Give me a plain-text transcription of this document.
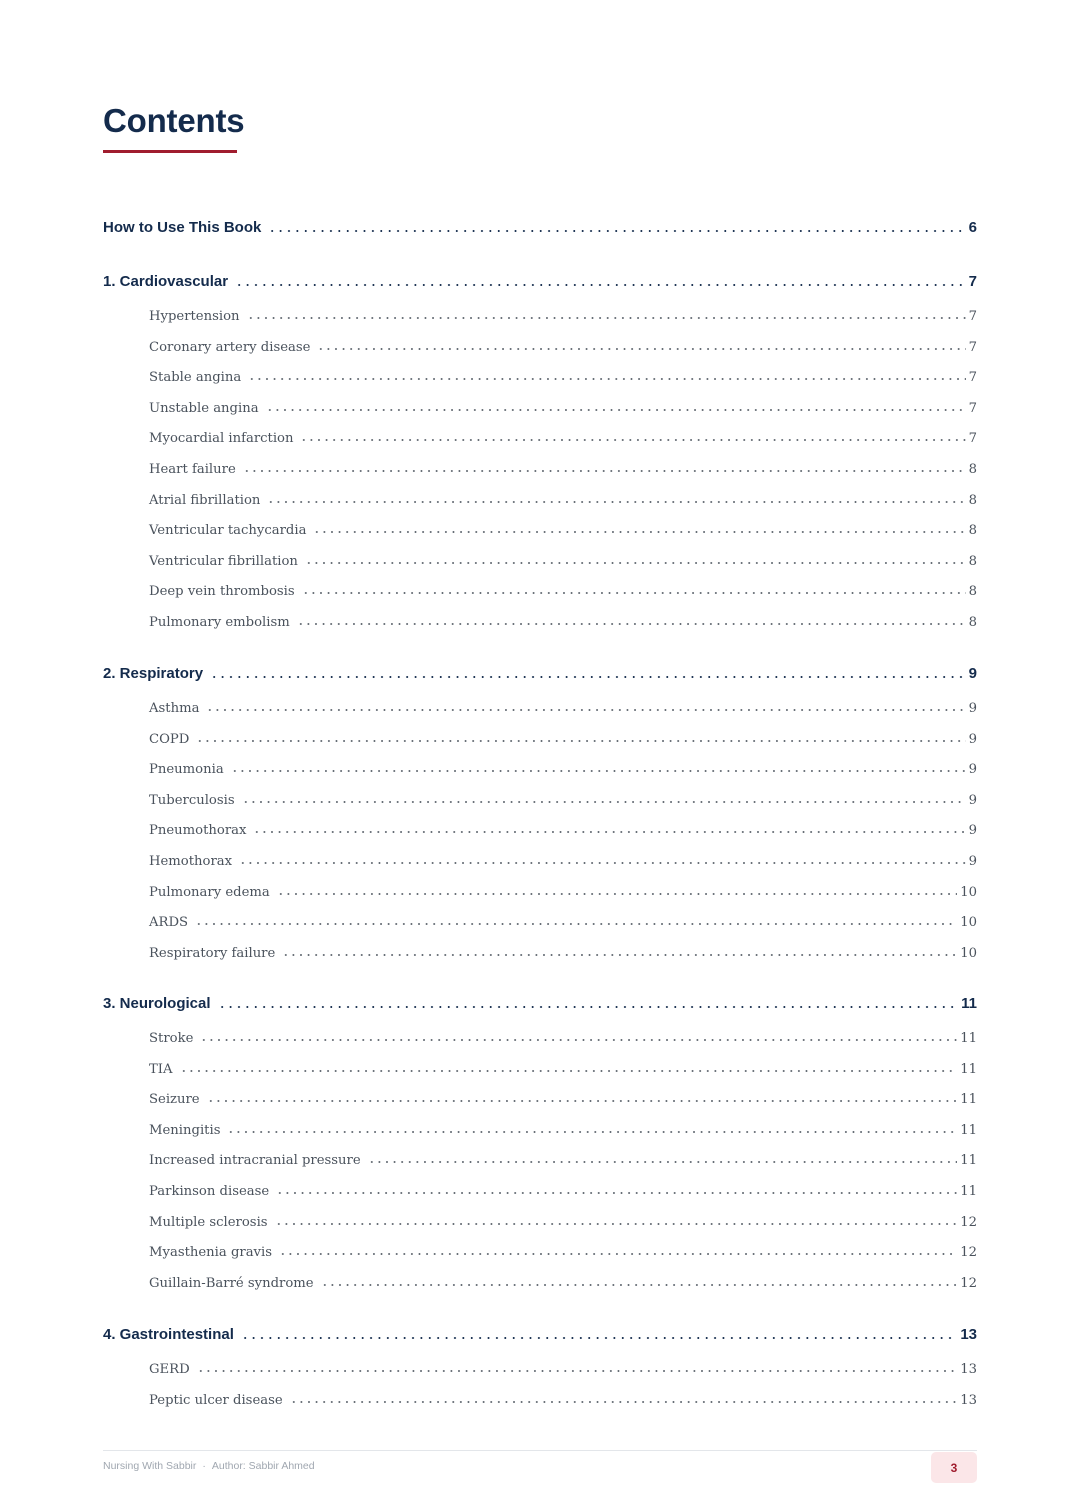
Contents
How to Use This Book	6
1. Cardiovascular	7
Hypertension	7
Coronary artery disease	7
Stable angina	7
Unstable angina	7
Myocardial infarction	7
Heart failure	8
Atrial fibrillation	8
Ventricular tachycardia	8
Ventricular fibrillation	8
Deep vein thrombosis	8
Pulmonary embolism	8
2. Respiratory	9
Asthma	9
COPD	9
Pneumonia	9
Tuberculosis	9
Pneumothorax	9
Hemothorax	9
Pulmonary edema	10
ARDS	10
Respiratory failure	10
3. Neurological	11
Stroke	11
TIA	11
Seizure	11
Meningitis	11
Increased intracranial pressure	11
Parkinson disease	11
Multiple sclerosis	12
Myasthenia gravis	12
Guillain-Barré syndrome	12
4. Gastrointestinal	13
GERD	13
Peptic ulcer disease	13
Nursing With Sabbir · Author: Sabbir Ahmed	3
